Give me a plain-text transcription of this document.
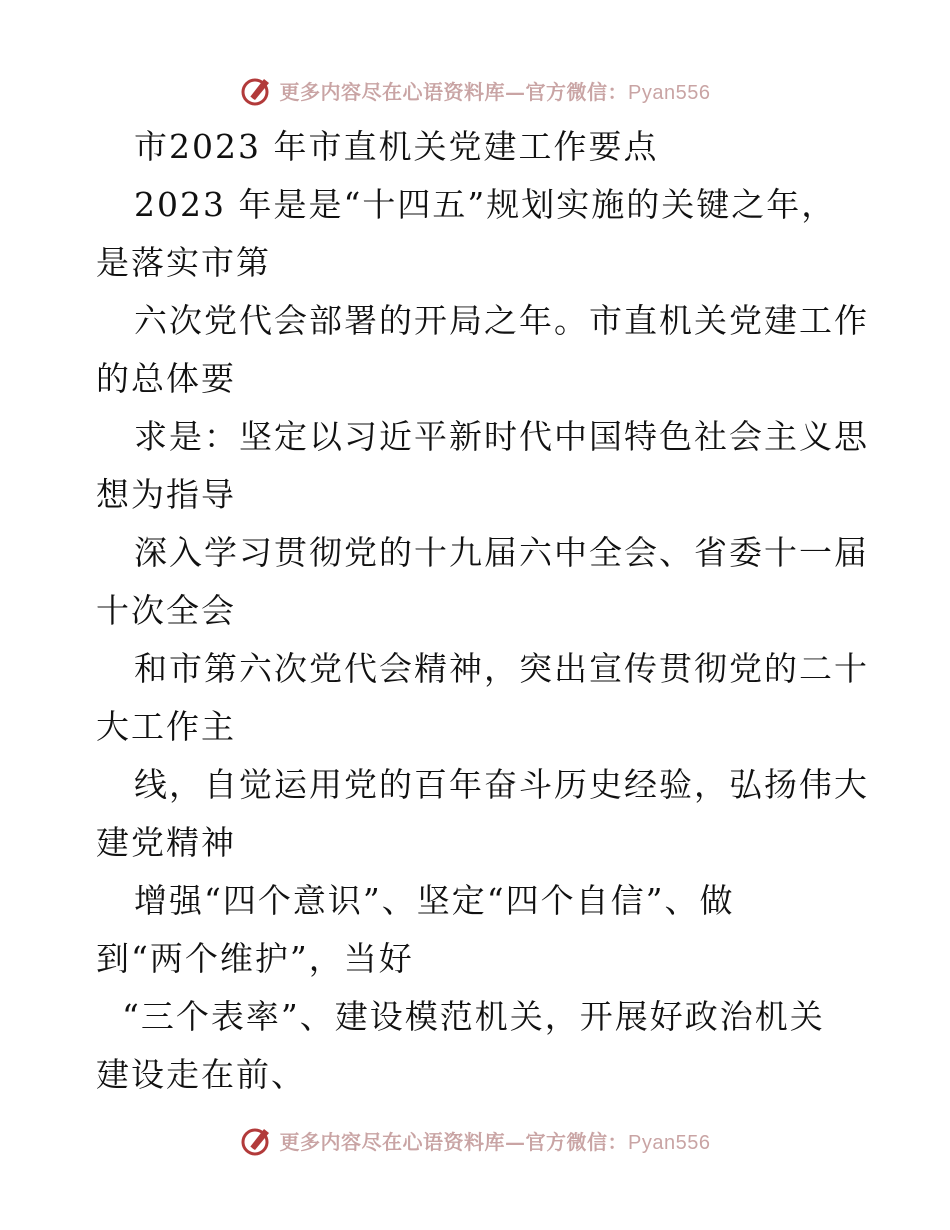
更多内容尽在心语资料库—官方微信：Pyan556
市2023 年市直机关党建工作要点
2023 年是是“十四五”规划实施的关键之年，
是落实市第
六次党代会部署的开局之年。市直机关党建工作
的总体要
求是：坚定以习近平新时代中国特色社会主义思
想为指导
深入学习贯彻党的十九届六中全会、省委十一届
十次全会
和市第六次党代会精神，突出宣传贯彻党的二十
大工作主
线，自觉运用党的百年奋斗历史经验，弘扬伟大
建党精神
增强“四个意识”、坚定“四个自信”、做
到“两个维护”，当好
“三个表率”、建设模范机关，开展好政治机关
建设走在前、
更多内容尽在心语资料库—官方微信：Pyan556
